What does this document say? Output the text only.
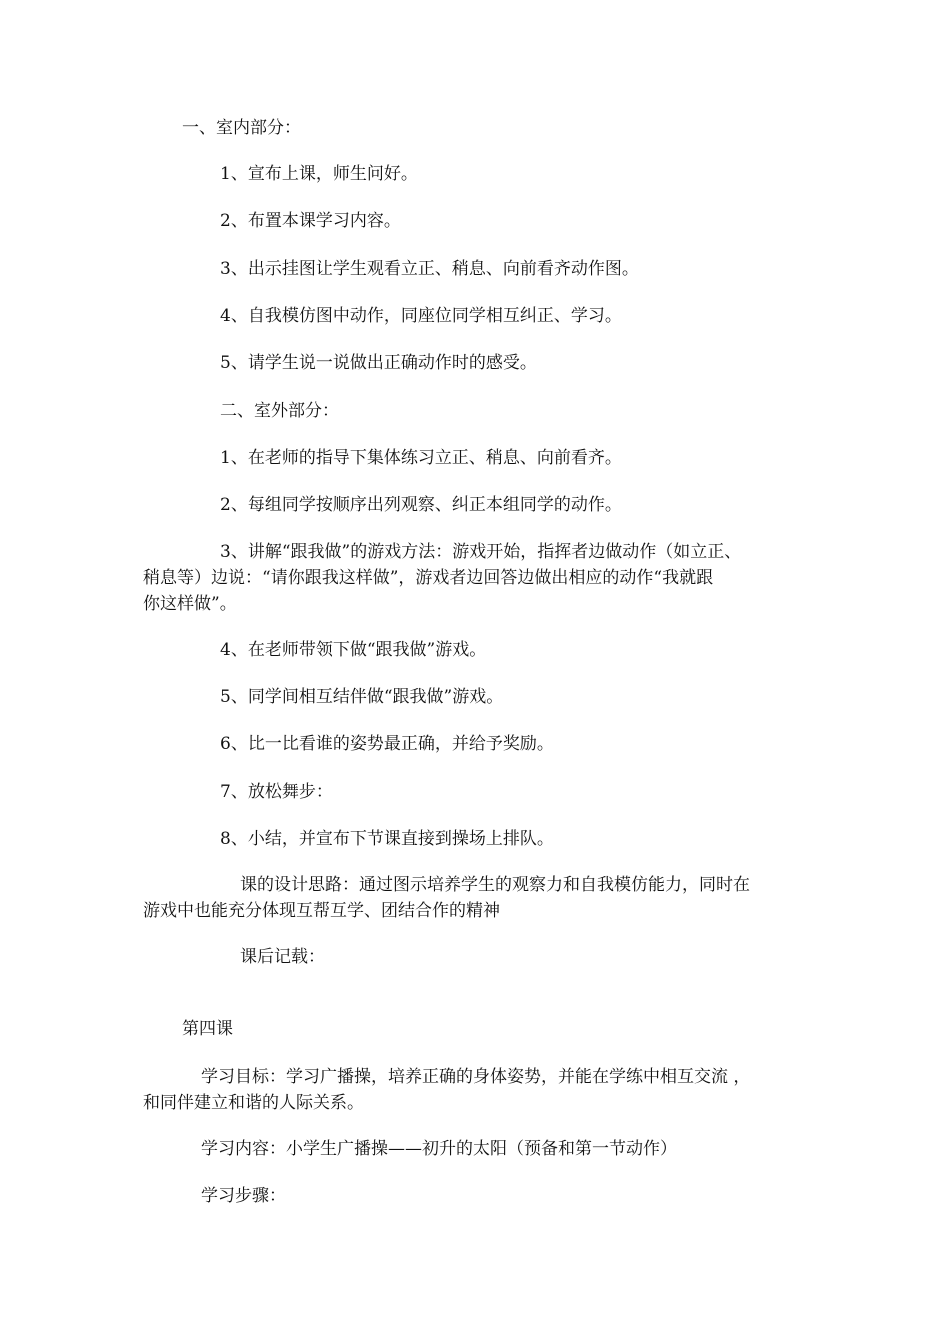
一、室内部分：

1、宣布上课，师生问好。

2、布置本课学习内容。

3、出示挂图让学生观看立正、稍息、向前看齐动作图。

4、自我模仿图中动作，同座位同学相互纠正、学习。

5、请学生说一说做出正确动作时的感受。

二、室外部分：

1、在老师的指导下集体练习立正、稍息、向前看齐。

2、每组同学按顺序出列观察、纠正本组同学的动作。

3、讲解“跟我做”的游戏方法：游戏开始，指挥者边做动作（如立正、

稍息等）边说：“请你跟我这样做”，游戏者边回答边做出相应的动作“我就跟

你这样做”。

4、在老师带领下做“跟我做”游戏。

5、同学间相互结伴做“跟我做”游戏。

6、比一比看谁的姿势最正确，并给予奖励。

7、放松舞步：

8、小结，并宣布下节课直接到操场上排队。

课的设计思路：通过图示培养学生的观察力和自我模仿能力，同时在

游戏中也能充分体现互帮互学、团结合作的精神

课后记载：

第四课

学习目标：学习广播操，培养正确的身体姿势，并能在学练中相互交流 ，

和同伴建立和谐的人际关系。

学习内容：小学生广播操——初升的太阳（预备和第一节动作）

学习步骤：
